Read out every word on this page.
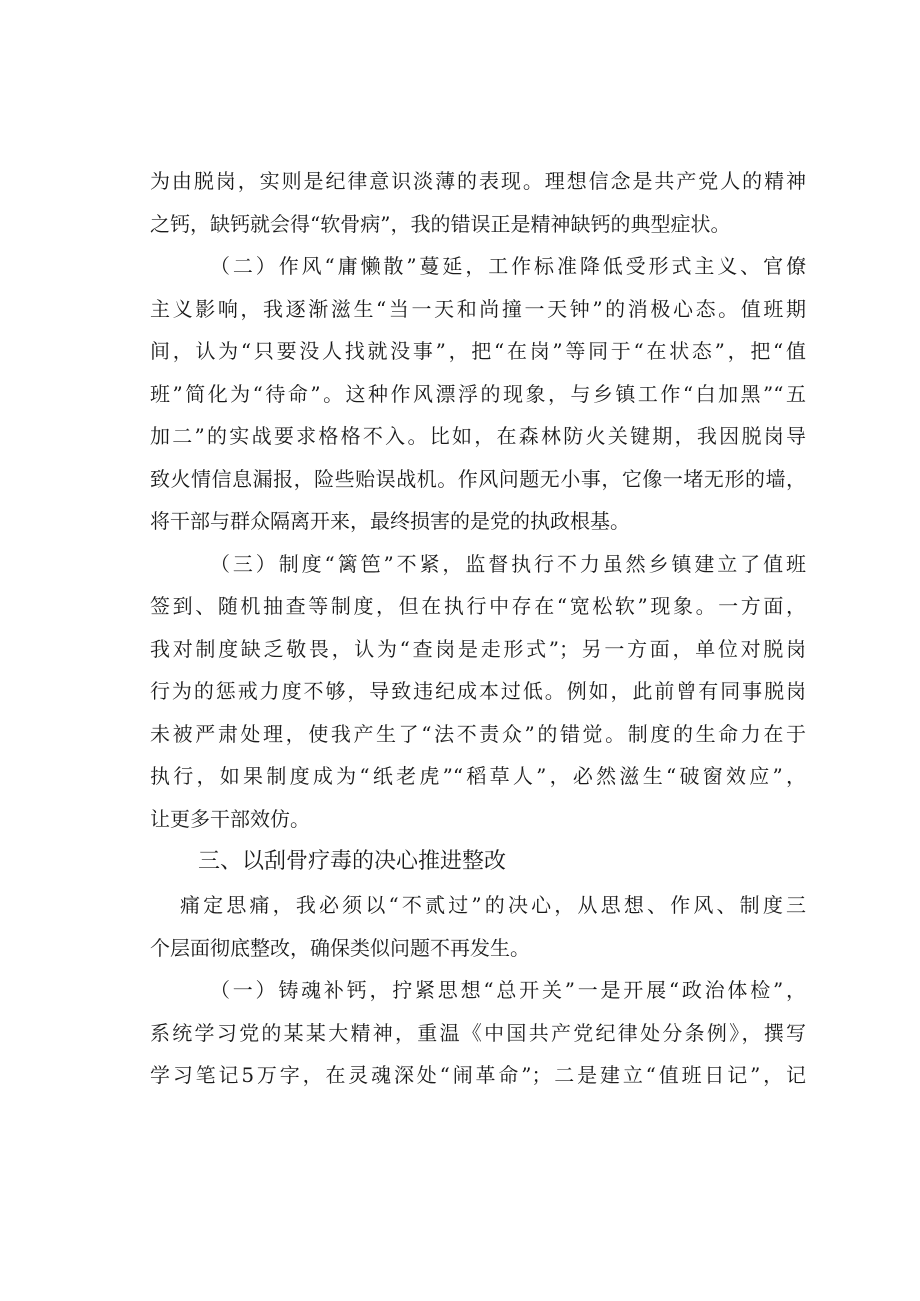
为由脱岗，实则是纪律意识淡薄的表现。理想信念是共产党人的精神
之钙，缺钙就会得“软骨病”，我的错误正是精神缺钙的典型症状。
（二）作风“庸懒散”蔓延，工作标准降低受形式主义、官僚
主义影响，我逐渐滋生“当一天和尚撞一天钟”的消极心态。值班期
间，认为“只要没人找就没事”，把“在岗”等同于“在状态”，把“值
班”简化为“待命”。这种作风漂浮的现象，与乡镇工作“白加黑”“五
加二”的实战要求格格不入。比如，在森林防火关键期，我因脱岗导
致火情信息漏报，险些贻误战机。作风问题无小事，它像一堵无形的墙，
将干部与群众隔离开来，最终损害的是党的执政根基。
（三）制度“篱笆”不紧，监督执行不力虽然乡镇建立了值班
签到、随机抽查等制度，但在执行中存在“宽松软”现象。一方面，
我对制度缺乏敬畏，认为“查岗是走形式”；另一方面，单位对脱岗
行为的惩戒力度不够，导致违纪成本过低。例如，此前曾有同事脱岗
未被严肃处理，使我产生了“法不责众”的错觉。制度的生命力在于
执行，如果制度成为“纸老虎”“稻草人”，必然滋生“破窗效应”，
让更多干部效仿。
三、以刮骨疗毒的决心推进整改
痛定思痛，我必须以“不贰过”的决心，从思想、作风、制度三
个层面彻底整改，确保类似问题不再发生。
（一）铸魂补钙，拧紧思想“总开关”一是开展“政治体检”，
系统学习党的某某大精神，重温《中国共产党纪律处分条例》，撰写
学习笔记5万字，在灵魂深处“闹革命”；二是建立“值班日记”，记
